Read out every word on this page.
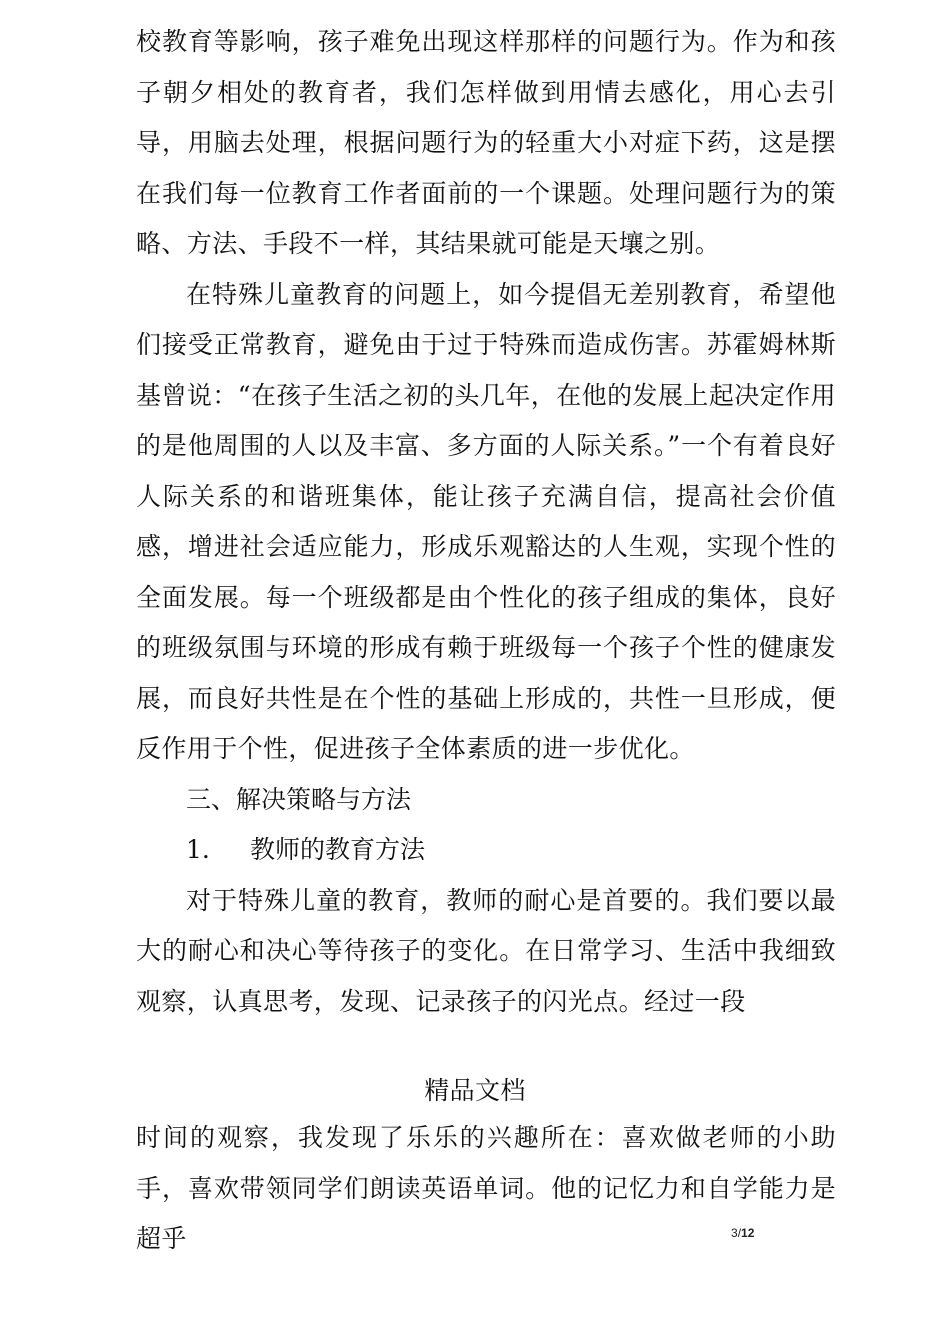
校教育等影响，孩子难免出现这样那样的问题行为。作为和孩子朝夕相处的教育者，我们怎样做到用情去感化，用心去引导，用脑去处理，根据问题行为的轻重大小对症下药，这是摆在我们每一位教育工作者面前的一个课题。处理问题行为的策略、方法、手段不一样，其结果就可能是天壤之别。

在特殊儿童教育的问题上，如今提倡无差别教育，希望他们接受正常教育，避免由于过于特殊而造成伤害。苏霍姆林斯基曾说：“在孩子生活之初的头几年，在他的发展上起决定作用的是他周围的人以及丰富、多方面的人际关系。”一个有着良好人际关系的和谐班集体，能让孩子充满自信，提高社会价值感，增进社会适应能力，形成乐观豁达的人生观，实现个性的全面发展。每一个班级都是由个性化的孩子组成的集体，良好的班级氛围与环境的形成有赖于班级每一个孩子个性的健康发展，而良好共性是在个性的基础上形成的，共性一旦形成，便反作用于个性，促进孩子全体素质的进一步优化。

三、解决策略与方法

1. 教师的教育方法

对于特殊儿童的教育，教师的耐心是首要的。我们要以最大的耐心和决心等待孩子的变化。在日常学习、生活中我细致观察，认真思考，发现、记录孩子的闪光点。经过一段

精品文档

时间的观察，我发现了乐乐的兴趣所在：喜欢做老师的小助手，喜欢带领同学们朗读英语单词。他的记忆力和自学能力是超乎	3/12
